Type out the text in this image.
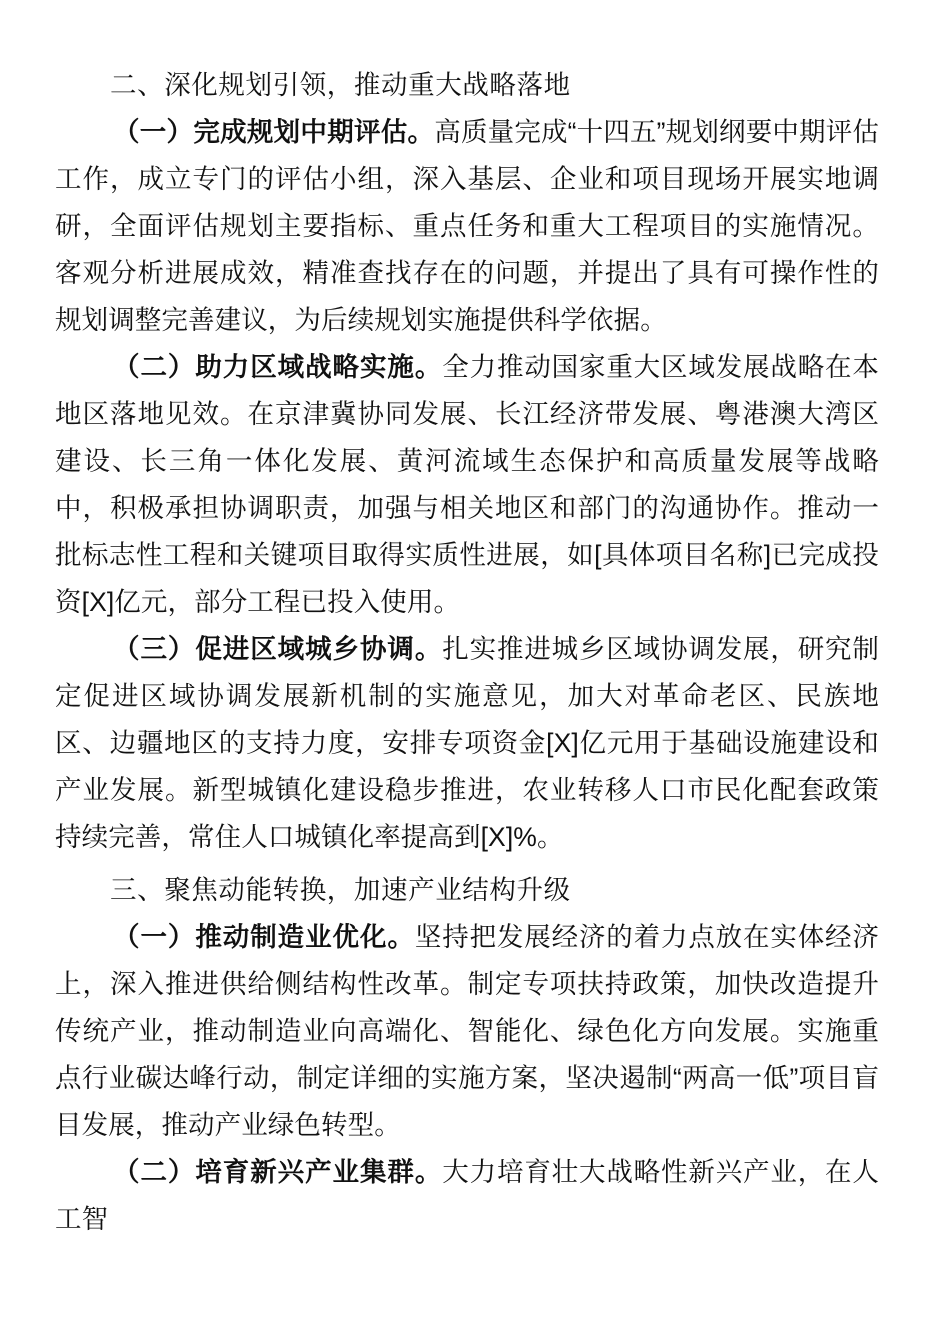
二、深化规划引领，推动重大战略落地

（一）完成规划中期评估。高质量完成“十四五”规划纲要中期评估工作，成立专门的评估小组，深入基层、企业和项目现场开展实地调研，全面评估规划主要指标、重点任务和重大工程项目的实施情况。客观分析进展成效，精准查找存在的问题，并提出了具有可操作性的规划调整完善建议，为后续规划实施提供科学依据。

（二）助力区域战略实施。全力推动国家重大区域发展战略在本地区落地见效。在京津冀协同发展、长江经济带发展、粤港澳大湾区建设、长三角一体化发展、黄河流域生态保护和高质量发展等战略中，积极承担协调职责，加强与相关地区和部门的沟通协作。推动一批标志性工程和关键项目取得实质性进展，如[具体项目名称]已完成投资[X]亿元，部分工程已投入使用。

（三）促进区域城乡协调。扎实推进城乡区域协调发展，研究制定促进区域协调发展新机制的实施意见，加大对革命老区、民族地区、边疆地区的支持力度，安排专项资金[X]亿元用于基础设施建设和产业发展。新型城镇化建设稳步推进，农业转移人口市民化配套政策持续完善，常住人口城镇化率提高到[X]%。

三、聚焦动能转换，加速产业结构升级

（一）推动制造业优化。坚持把发展经济的着力点放在实体经济上，深入推进供给侧结构性改革。制定专项扶持政策，加快改造提升传统产业，推动制造业向高端化、智能化、绿色化方向发展。实施重点行业碳达峰行动，制定详细的实施方案，坚决遏制“两高一低”项目盲目发展，推动产业绿色转型。

（二）培育新兴产业集群。大力培育壮大战略性新兴产业，在人工智
